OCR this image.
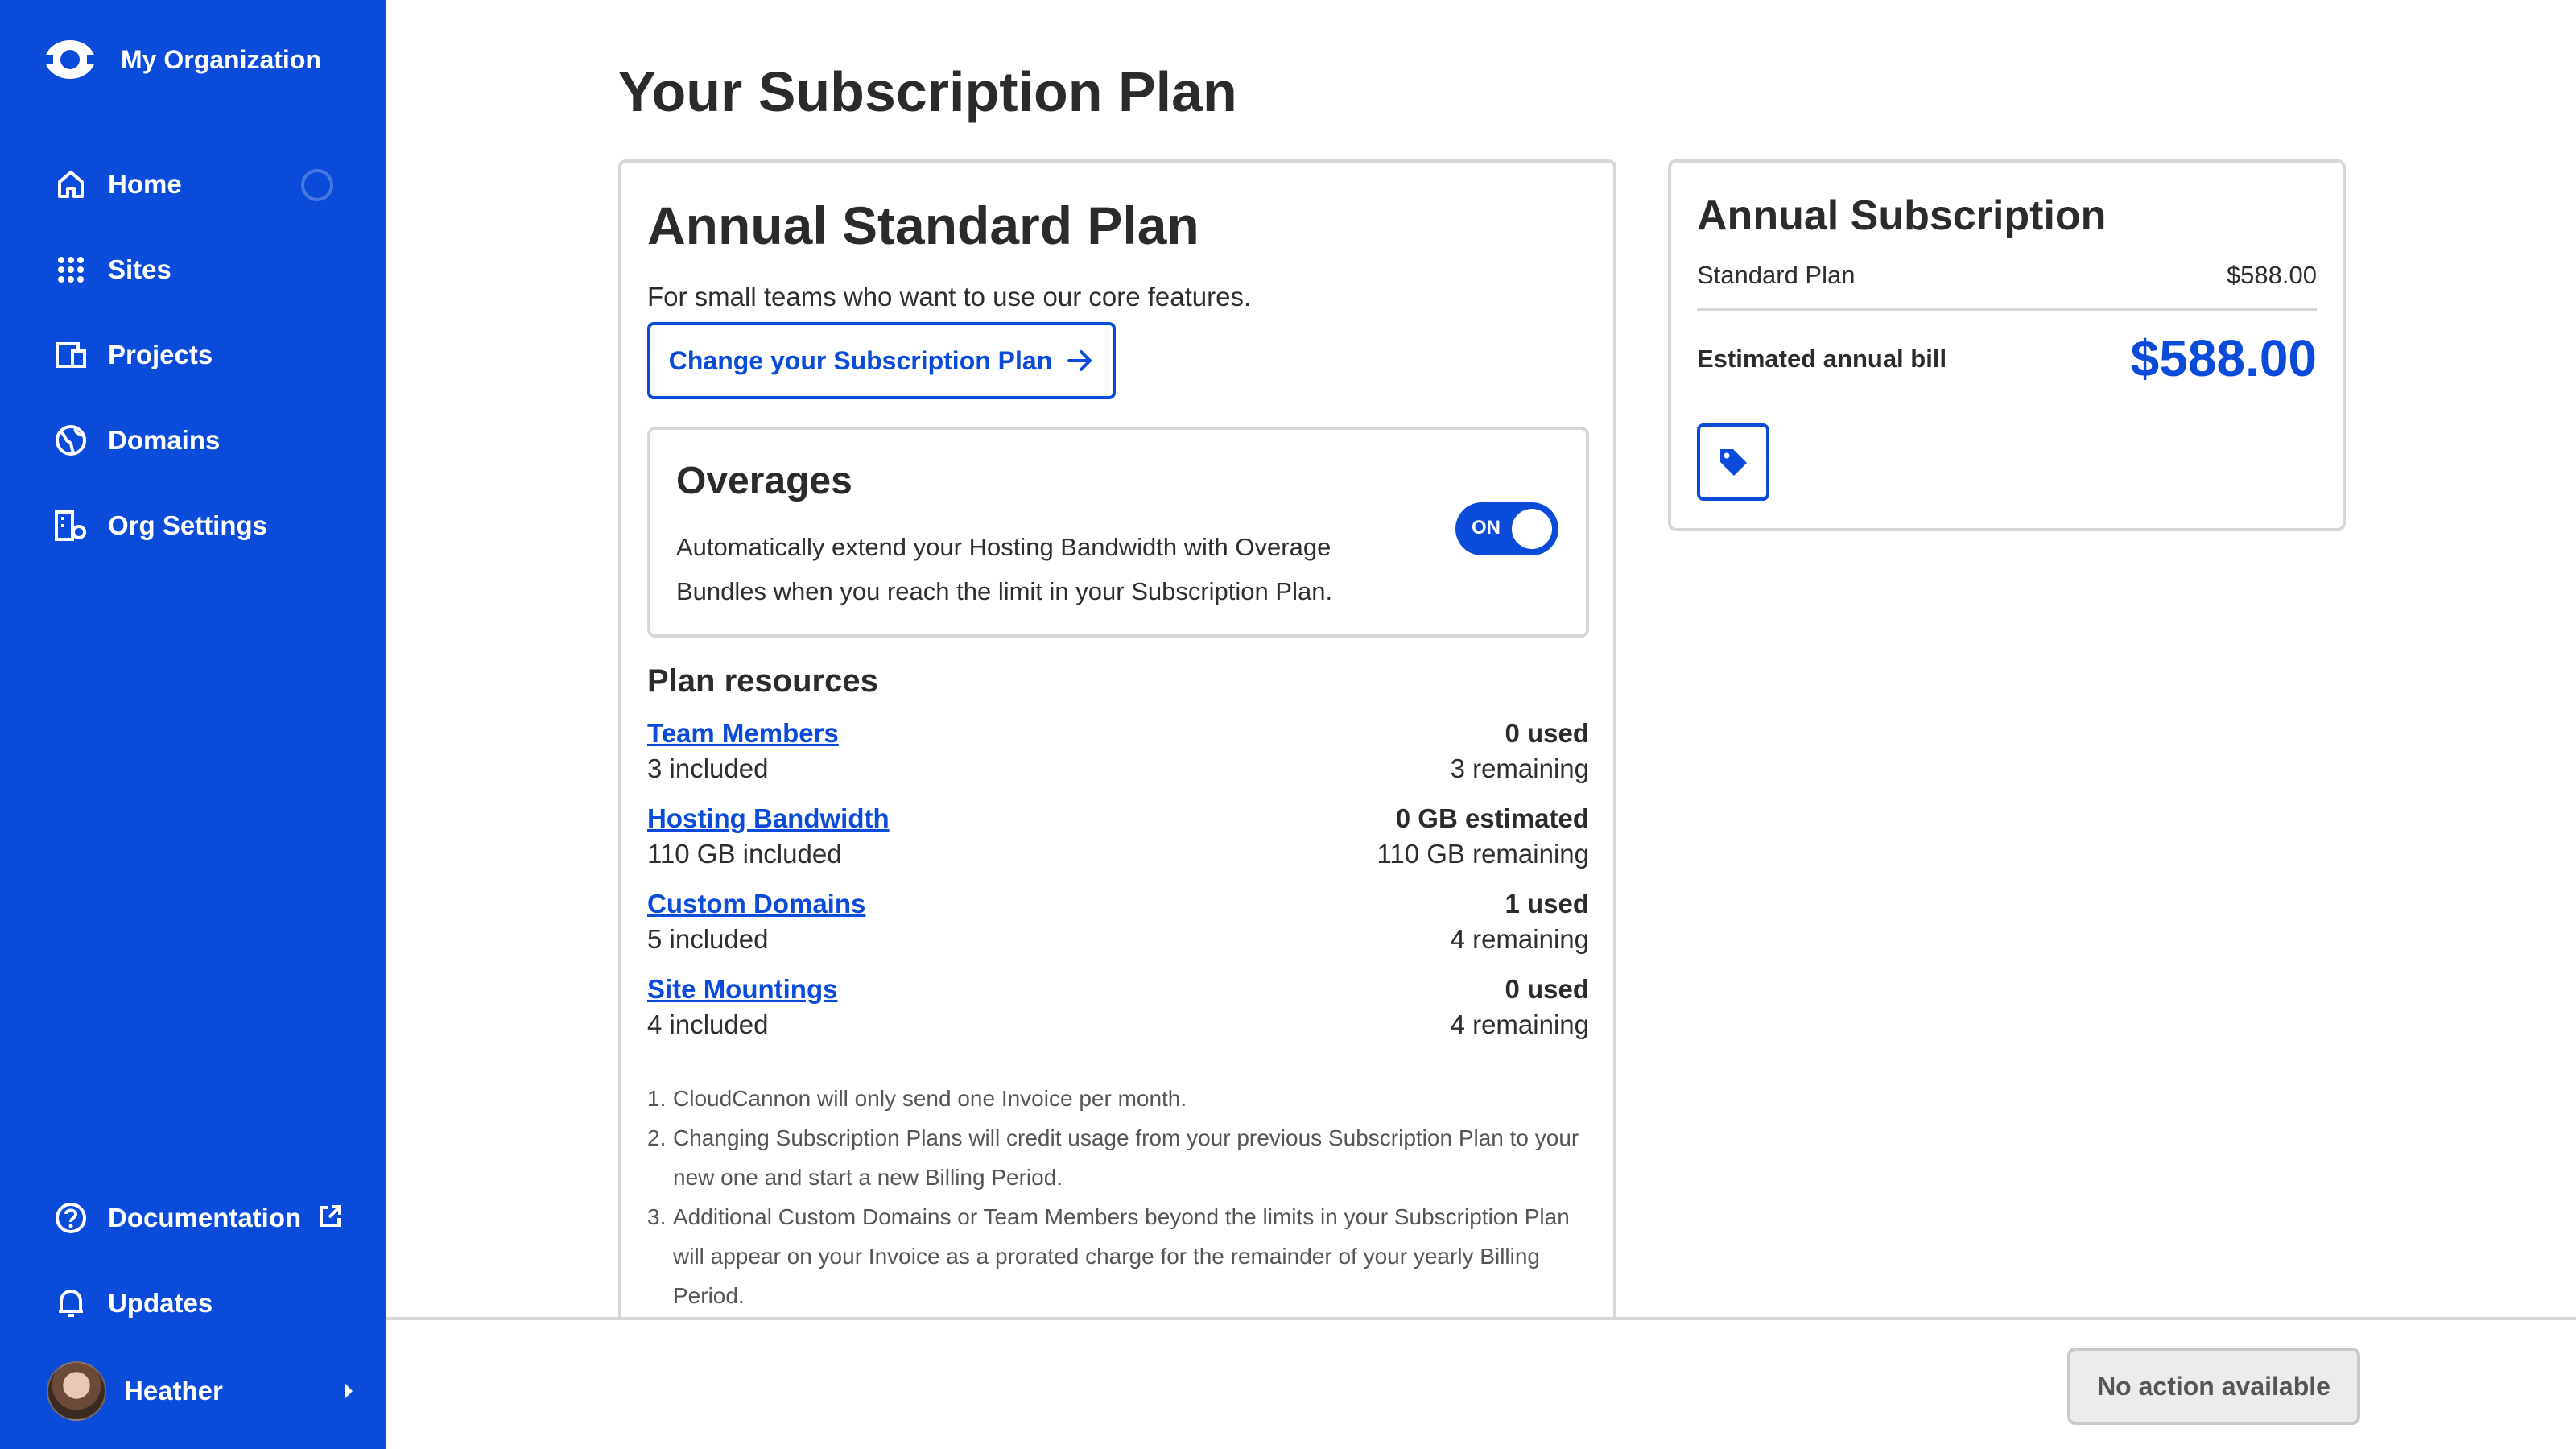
My Organization
Home
Sites
Projects
Domains
Org Settings
Documentation
Updates
Heather
Your Subscription Plan
Annual Standard Plan

For small teams who want to use our core features.

Change your Subscription Plan
Overages

Automatically extend your Hosting Bandwidth with Overage Bundles when you reach the limit in your Subscription Plan.

ON
Plan resources
Team Members
3 included
0 used
3 remaining
Hosting Bandwidth
110 GB included
0 GB estimated
110 GB remaining
Custom Domains
5 included
1 used
4 remaining
Site Mountings
4 included
0 used
4 remaining
1. CloudCannon will only send one Invoice per month.
2. Changing Subscription Plans will credit usage from your previous Subscription Plan to your new one and start a new Billing Period.
3. Additional Custom Domains or Team Members beyond the limits in your Subscription Plan will appear on your Invoice as a prorated charge for the remainder of your yearly Billing Period.
Annual Subscription
Standard Plan	$588.00
Estimated annual bill	$588.00
No action available
